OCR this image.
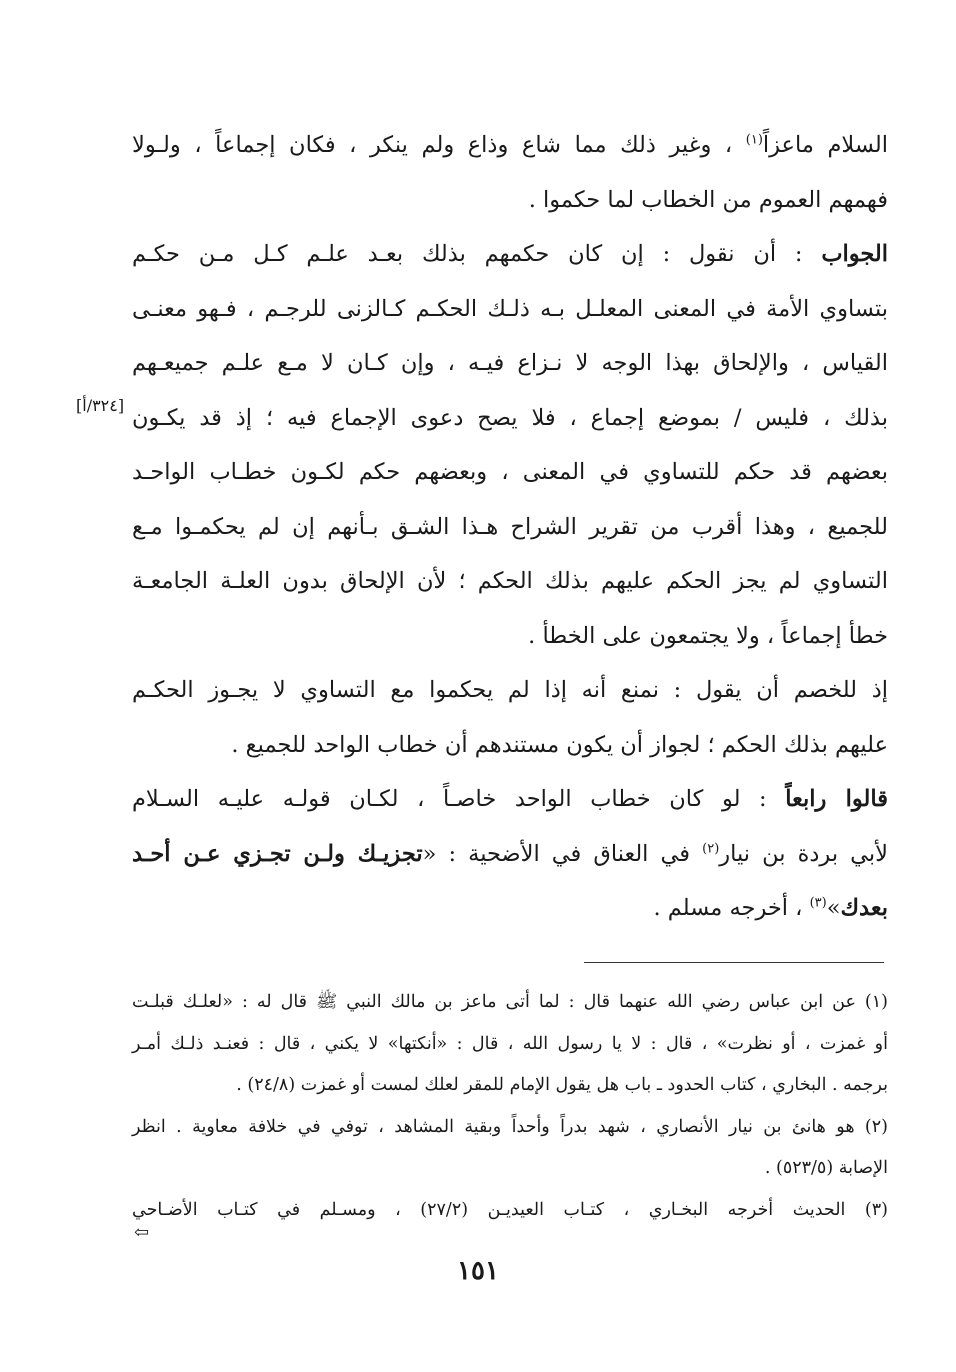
السلام ماعزاً$^{(١)}$ ، وغير ذلك مما شاع وذاع ولم ينكر ، فكان إجماعاً ، ولـولا
فهمهم العموم من الخطاب لما حكموا .
الجواب : أن نقول : إن كان حكمهم بذلك بعـد علـم كـل مـن حكـم
بتساوي الأمة في المعنى المعلـل بـه ذلـك الحكـم كـالزنى للرجـم ، فـهو معنـى
القياس ، والإلحاق بهذا الوجه لا نـزاع فيـه ، وإن كـان لا مـع علـم جميعـهم
بذلك ، فليس / بموضع إجماع ، فلا يصح دعوى الإجماع فيه ؛ إذ قد يكـون
بعضهم قد حكم للتساوي في المعنى ، وبعضهم حكم لكـون خطـاب الواحـد
للجميع ، وهذا أقرب من تقرير الشراح هـذا الشـق بـأنهم إن لم يحكمـوا مـع
التساوي لم يجز الحكم عليهم بذلك الحكم ؛ لأن الإلحاق بدون العلـة الجامعـة
خطأ إجماعاً ، ولا يجتمعون على الخطأ .
إذ للخصم أن يقول : نمنع أنه إذا لم يحكموا مع التساوي لا يجـوز الحكـم
عليهم بذلك الحكم ؛ لجواز أن يكون مستندهم أن خطاب الواحد للجميع .
قالوا رابعاً : لو كان خطاب الواحد خاصـاً ، لكـان قولـه عليـه السـلام
لأبي بردة بن نيار$^{(٢)}$ في العناق في الأضحية : «تجزيـك ولـن تجـزي عـن أحـد
بعدك»$^{(٣)}$ ، أخرجه مسلم .
[٣٢٤/أ]
(١) عن ابن عباس رضي الله عنهما قال : لما أتى ماعز بن مالك النبي ﷺ قال له : «لعلـك قبلـت
أو غمزت ، أو نظرت» ، قال : لا يا رسول الله ، قال : «أنكتها» لا يكني ، قال : فعنـد ذلـك أمـر
برجمه . البخاري ، كتاب الحدود ـ باب هل يقول الإمام للمقر لعلك لمست أو غمزت (٢٤/٨) .
(٢) هو هانئ بن نيار الأنصاري ، شهد بدراً وأحداً وبقية المشاهد ، توفي في خلافة معاوية . انظر
الإصابة (٥٢٣/٥) .
(٣) الحديث أخرجه البخـاري ، كتـاب العيديـن (٢٧/٢) ، ومسـلم في كتـاب الأضـاحي
⇦
١٥١
